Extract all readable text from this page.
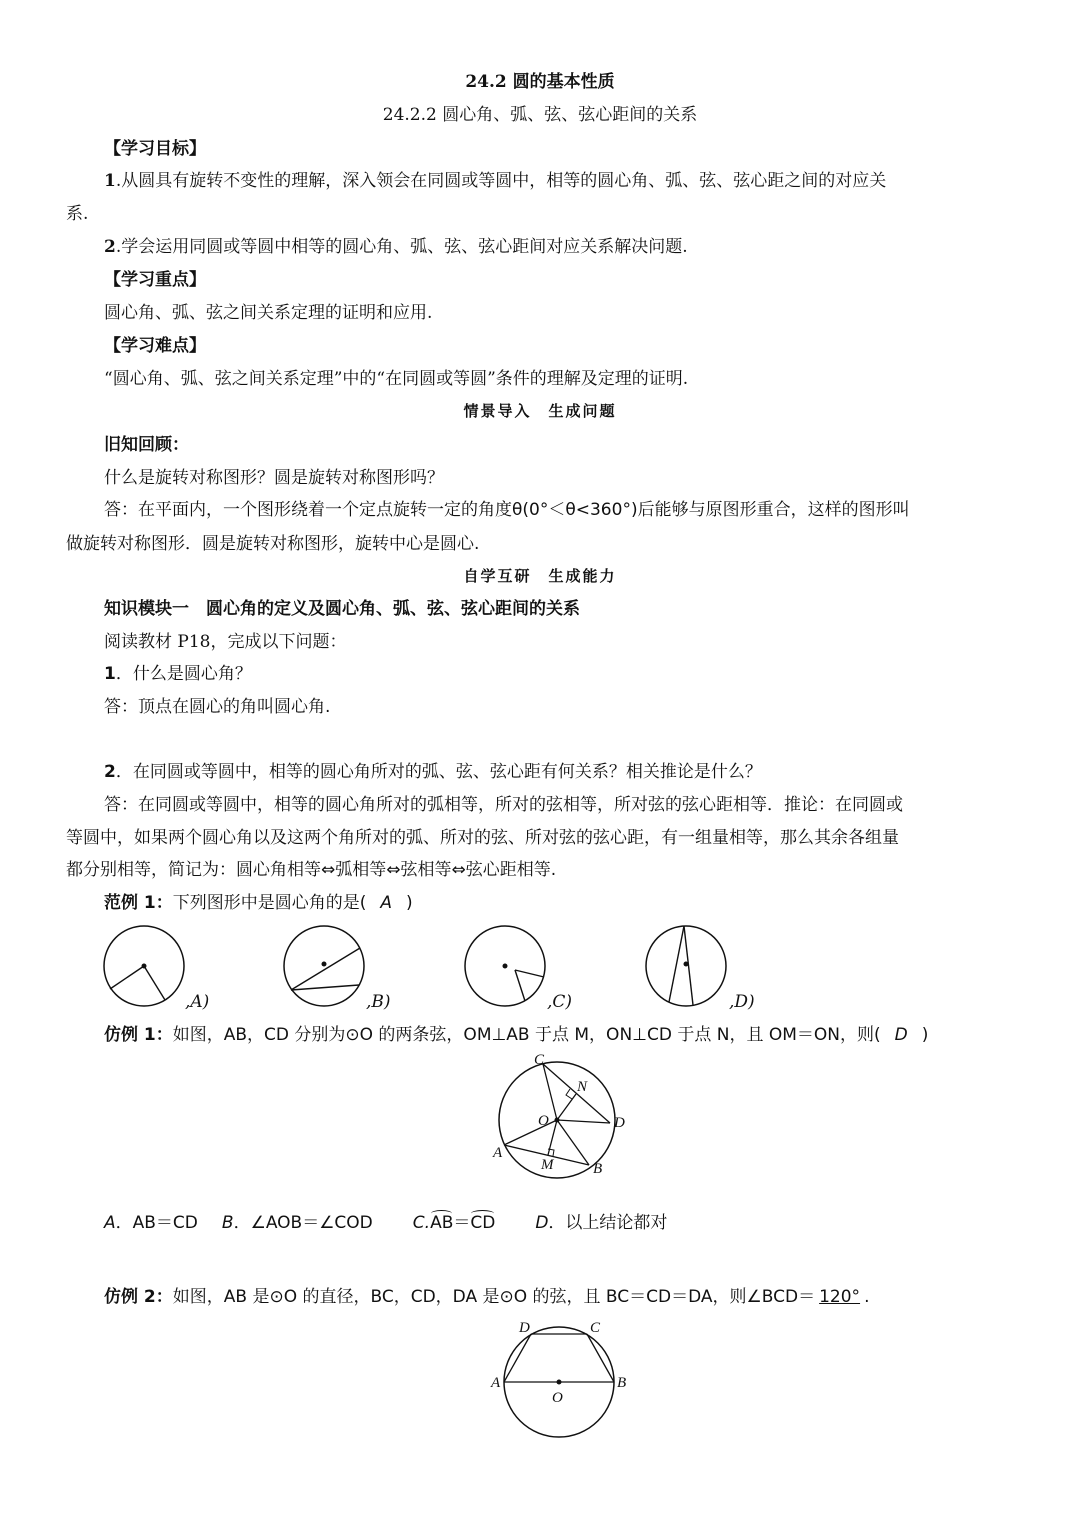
24.2 圆的基本性质
24.2.2 圆心角、弧、弦、弦心距间的关系
【学习目标】
1.从圆具有旋转不变性的理解，深入领会在同圆或等圆中，相等的圆心角、弧、弦、弦心距之间的对应关
系.
2.学会运用同圆或等圆中相等的圆心角、弧、弦、弦心距间对应关系解决问题.
【学习重点】
圆心角、弧、弦之间关系定理的证明和应用.
【学习难点】
“圆心角、弧、弦之间关系定理”中的“在同圆或等圆”条件的理解及定理的证明.
情景导入　生成问题
旧知回顾：
什么是旋转对称图形？圆是旋转对称图形吗？
答：在平面内，一个图形绕着一个定点旋转一定的角度θ(0°＜θ<360°)后能够与原图形重合，这样的图形叫
做旋转对称图形．圆是旋转对称图形，旋转中心是圆心.
自学互研　生成能力
知识模块一　圆心角的定义及圆心角、弧、弦、弦心距间的关系
阅读教材 P18，完成以下问题：
1．什么是圆心角？
答：顶点在圆心的角叫圆心角.
2．在同圆或等圆中，相等的圆心角所对的弧、弦、弦心距有何关系？相关推论是什么？
答：在同圆或等圆中，相等的圆心角所对的弧相等，所对的弦相等，所对弦的弦心距相等．推论：在同圆或
等圆中，如果两个圆心角以及这两个角所对的弧、所对的弦、所对弦的弦心距，有一组量相等，那么其余各组量
都分别相等，简记为：圆心角相等⇔弧相等⇔弦相等⇔弦心距相等.
范例 1：下列图形中是圆心角的是( A )
,A)	,B)	,C)	,D)
仿例 1：如图，AB，CD 分别为⊙O 的两条弦，OM⊥AB 于点 M，ON⊥CD 于点 N，且 OM＝ON，则( D )
C
N
O	D
A
M	B
A．AB＝CD B．∠AOB＝∠COD C.AB＝CD D．以上结论都对
仿例 2：如图，AB 是⊙O 的直径，BC，CD，DA 是⊙O 的弦，且 BC＝CD＝DA，则∠BCD＝ 120° .
D	C
A	B
O
